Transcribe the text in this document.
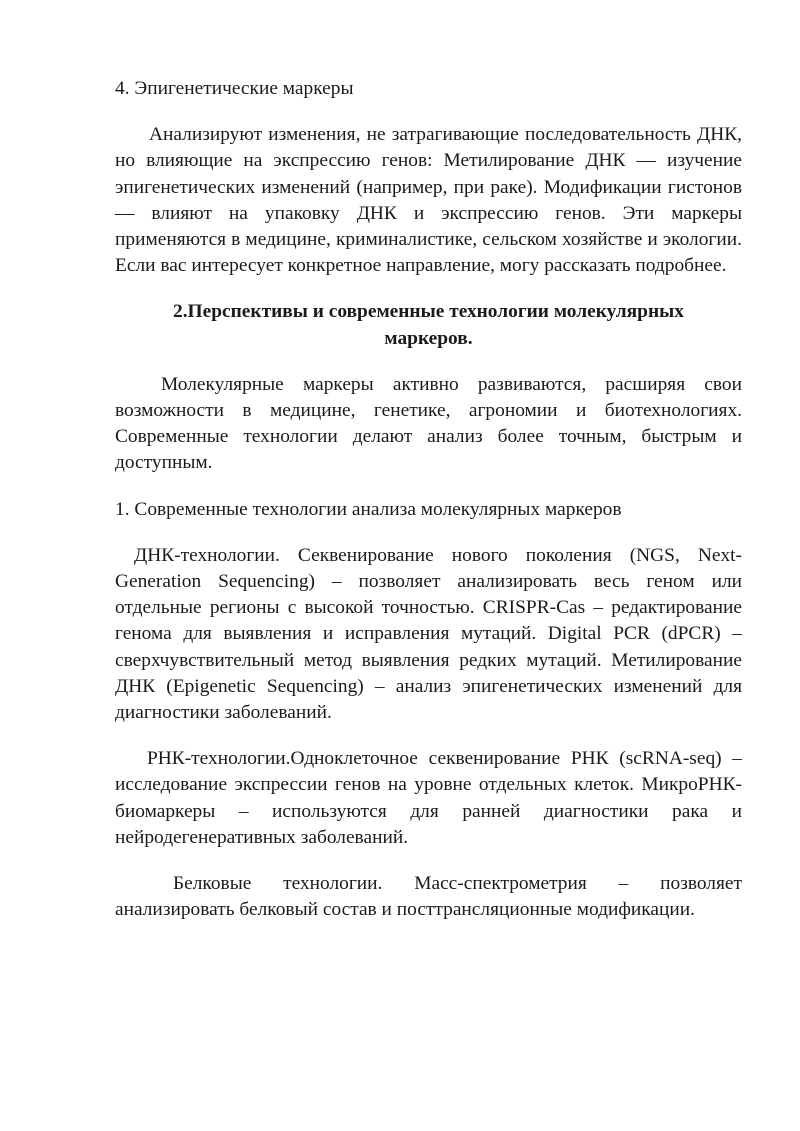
4. Эпигенетические маркеры

Анализируют изменения, не затрагивающие последовательность ДНК, но влияющие на экспрессию генов: Метилирование ДНК — изучение эпигенетических изменений (например, при раке). Модификации гистонов — влияют на упаковку ДНК и экспрессию генов. Эти маркеры применяются в медицине, криминалистике, сельском хозяйстве и экологии. Если вас интересует конкретное направление, могу рассказать подробнее.

2.Перспективы и современные технологии молекулярных маркеров.

Молекулярные маркеры активно развиваются, расширяя свои возможности в медицине, генетике, агрономии и биотехнологиях. Современные технологии делают анализ более точным, быстрым и доступным.

1. Современные технологии анализа молекулярных маркеров

ДНК-технологии. Секвенирование нового поколения (NGS, Next-Generation Sequencing) – позволяет анализировать весь геном или отдельные регионы с высокой точностью. CRISPR-Cas – редактирование генома для выявления и исправления мутаций. Digital PCR (dPCR) – сверхчувствительный метод выявления редких мутаций. Метилирование ДНК (Epigenetic Sequencing) – анализ эпигенетических изменений для диагностики заболеваний.

РНК-технологии.Одноклеточное секвенирование РНК (scRNA-seq) – исследование экспрессии генов на уровне отдельных клеток. МикроРНК-биомаркеры – используются для ранней диагностики рака и нейродегенеративных заболеваний.

Белковые технологии. Масс-спектрометрия – позволяет анализировать белковый состав и посттрансляционные модификации.
